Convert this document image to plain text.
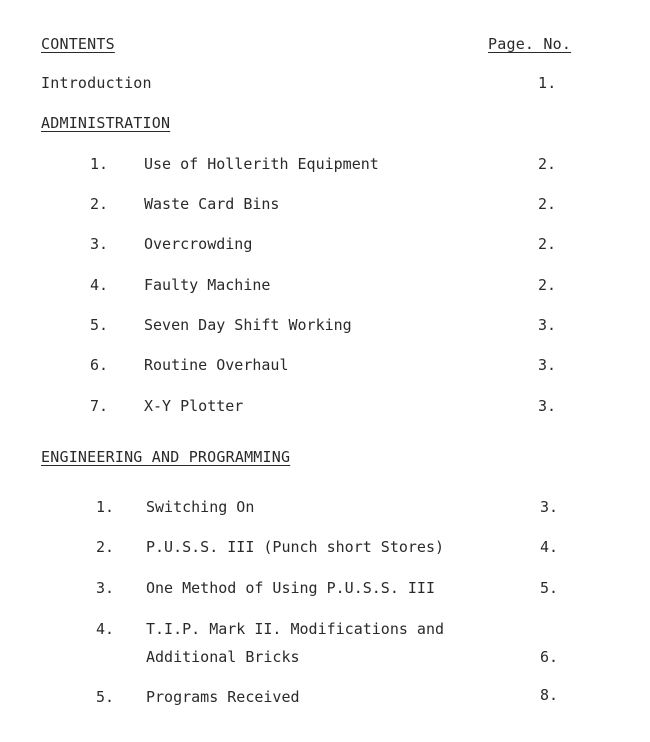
CONTENTS	Page. No.
Introduction	1.
ADMINISTRATION
1. Use of Hollerith Equipment	2.
2. Waste Card Bins	2.
3. Overcrowding	2.
4. Faulty Machine	2.
5. Seven Day Shift Working	3.
6. Routine Overhaul	3.
7. X-Y Plotter	3.
ENGINEERING AND PROGRAMMING
1. Switching On	3.
2. P.U.S.S. III (Punch short Stores)	4.
3. One Method of Using P.U.S.S. III	5.
4. T.I.P. Mark II. Modifications and
Additional Bricks	6.
5. Programs Received	8.
